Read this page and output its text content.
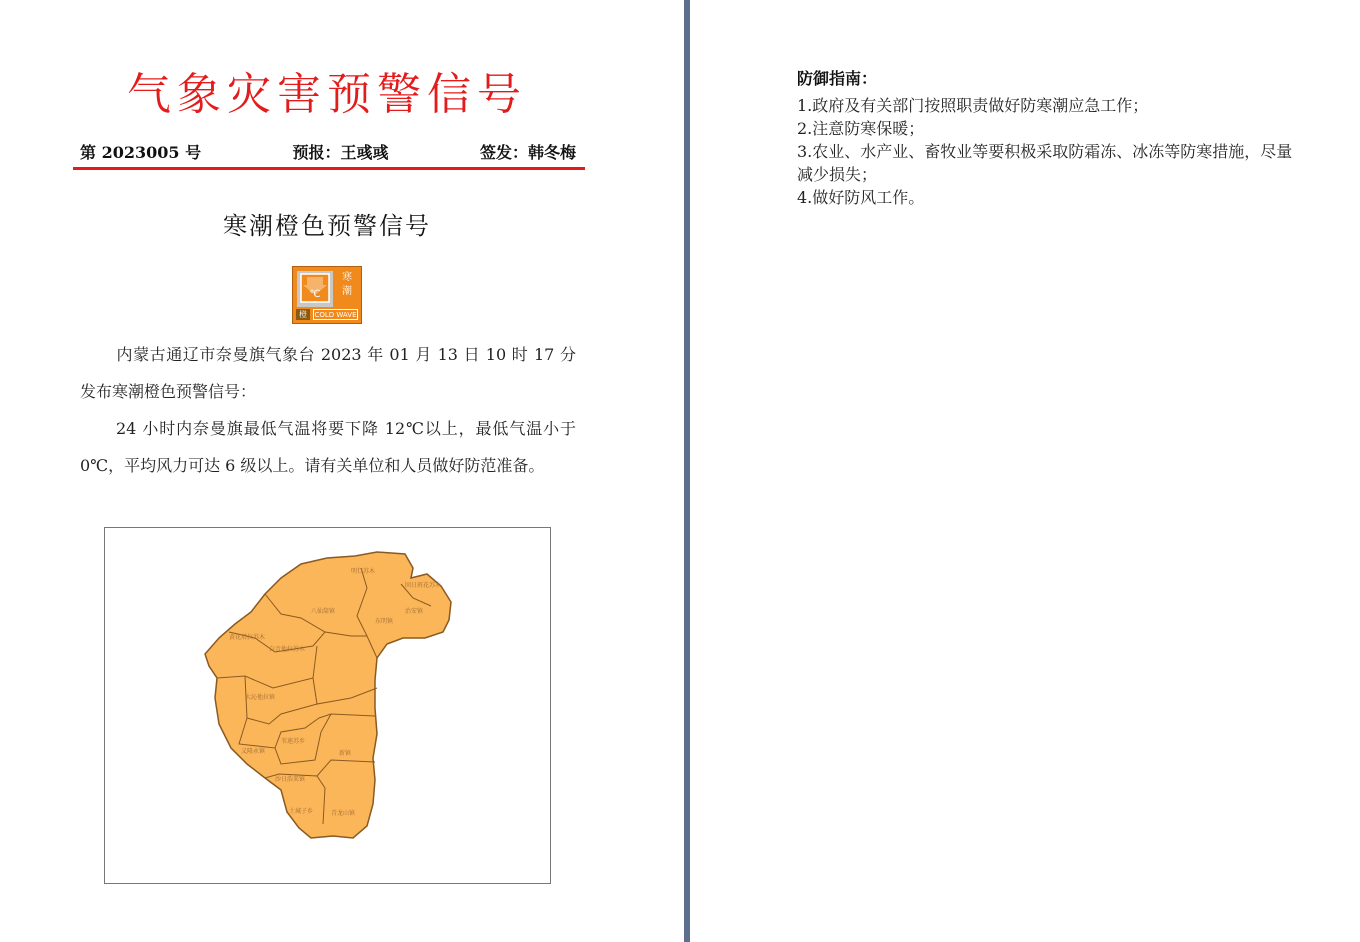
气象灾害预警信号
第 2023005 号	预报：王彧彧	签发：韩冬梅
寒潮橙色预警信号
℃
寒
潮
橙	COLD WAVE
内蒙古通辽市奈曼旗气象台 2023 年 01 月 13 日 10 时 17 分发布寒潮橙色预警信号：
24 小时内奈曼旗最低气温将要下降 12℃以上，最低气温小于 0℃，平均风力可达 6 级以上。请有关单位和人员做好防范准备。
明仁苏木
固日班花苏木
八仙筒镇	治安镇
东明镇
白音他拉苏木
黄花塔拉苏木
义隆永镇
大沁他拉镇
新镇
沙日浩来镇
土城子乡	青龙山镇
苇莲苏乡
防御指南：
1.政府及有关部门按照职责做好防寒潮应急工作；
2.注意防寒保暖；
3.农业、水产业、畜牧业等要积极采取防霜冻、冰冻等防寒措施，尽量减少损失；
4.做好防风工作。
